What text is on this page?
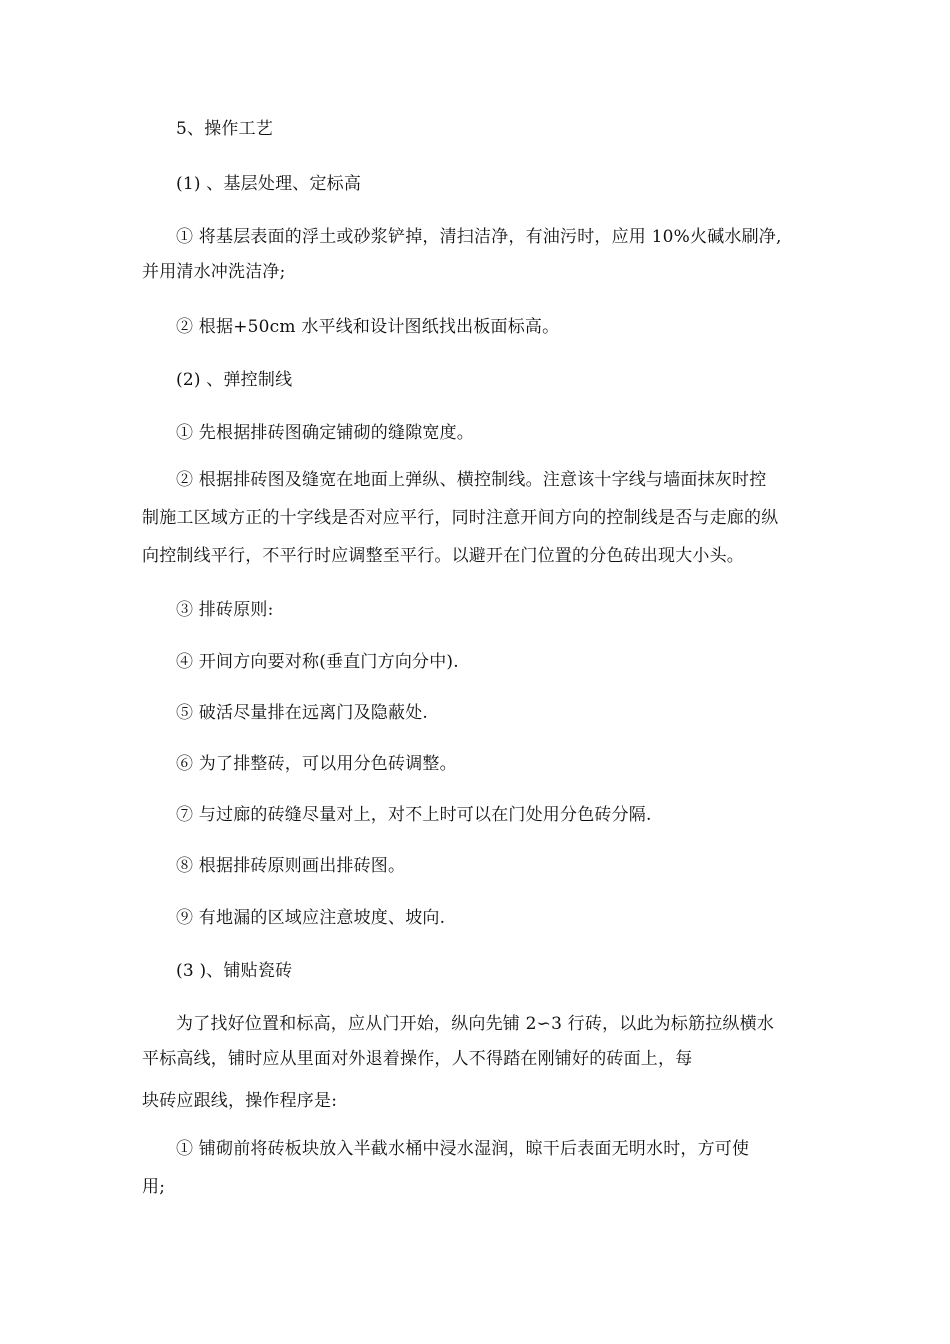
5、操作工艺
(1) 、基层处理、定标高
① 将基层表面的浮土或砂浆铲掉，清扫洁净，有油污时，应用 10%火碱水刷净,
并用清水冲洗洁净;
② 根据+50cm 水平线和设计图纸找出板面标高。
(2) 、弹控制线
① 先根据排砖图确定铺砌的缝隙宽度。
② 根据排砖图及缝宽在地面上弹纵、横控制线。注意该十字线与墙面抹灰时控
制施工区域方正的十字线是否对应平行，同时注意开间方向的控制线是否与走廊的纵
向控制线平行，不平行时应调整至平行。以避开在门位置的分色砖出现大小头。
③ 排砖原则:
④ 开间方向要对称(垂直门方向分中).
⑤ 破活尽量排在远离门及隐蔽处.
⑥ 为了排整砖，可以用分色砖调整。
⑦ 与过廊的砖缝尽量对上，对不上时可以在门处用分色砖分隔.
⑧ 根据排砖原则画出排砖图。
⑨ 有地漏的区域应注意坡度、坡向.
(3 )、铺贴瓷砖
为了找好位置和标高，应从门开始，纵向先铺 2∽3 行砖，以此为标筋拉纵横水
平标高线，铺时应从里面对外退着操作，人不得踏在刚铺好的砖面上，每
块砖应跟线，操作程序是:
① 铺砌前将砖板块放入半截水桶中浸水湿润，晾干后表面无明水时，方可使
用;
